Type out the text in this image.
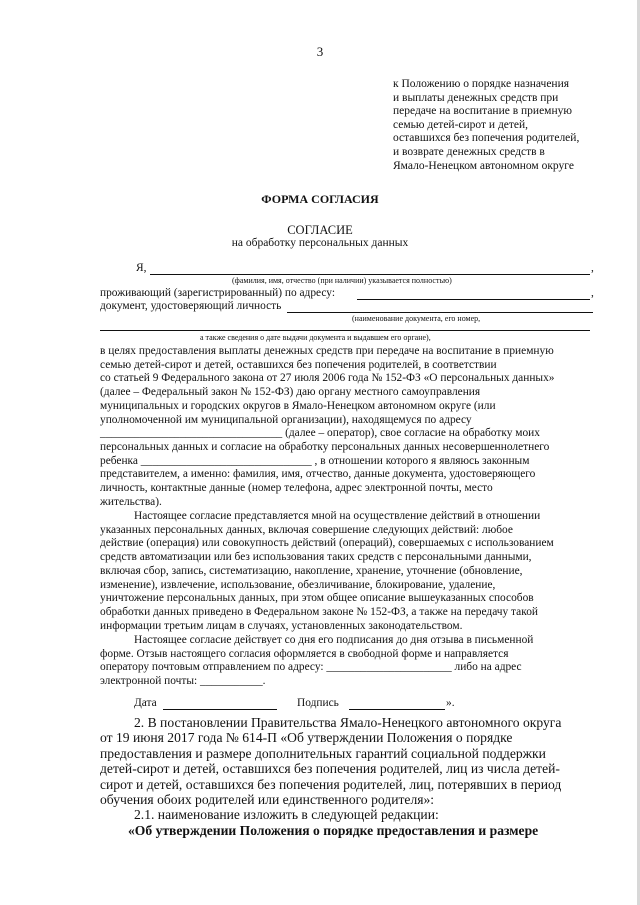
3
к Положению о порядке назначения
и выплаты денежных средств при
передаче на воспитание в приемную
семью детей-сирот и детей,
оставшихся без попечения родителей,
и возврате денежных средств в
Ямало-Ненецком автономном округе
ФОРМА СОГЛАСИЯ
СОГЛАСИЕ
на обработку персональных данных
Я,	,
(фамилия, имя, отчество (при наличии) указывается полностью)
проживающий (зарегистрированный) по адресу:	,
документ, удостоверяющий личность
(наименование документа, его номер,
а также сведения о дате выдачи документа и выдавшем его органе),
в целях предоставления выплаты денежных средств при передаче на воспитание в приемную
семью детей-сирот и детей, оставшихся без попечения родителей, в соответствии
со статьей 9 Федерального закона от 27 июля 2006 года № 152-ФЗ «О персональных данных»
(далее – Федеральный закон № 152-ФЗ) даю органу местного самоуправления
муниципальных и городских округов в Ямало-Ненецком автономном округе (или
уполномоченной им муниципальной организации), находящемуся по адресу
________________________________ (далее – оператор), свое согласие на обработку моих
персональных данных и согласие на обработку персональных данных несовершеннолетнего
ребенка ______________________________ , в отношении которого я являюсь законным
представителем, а именно: фамилия, имя, отчество, данные документа, удостоверяющего
личность, контактные данные (номер телефона, адрес электронной почты, место
жительства).
Настоящее согласие представляется мной на осуществление действий в отношении
указанных персональных данных, включая совершение следующих действий: любое
действие (операция) или совокупность действий (операций), совершаемых с использованием
средств автоматизации или без использования таких средств с персональными данными,
включая сбор, запись, систематизацию, накопление, хранение, уточнение (обновление,
изменение), извлечение, использование, обезличивание, блокирование, удаление,
уничтожение персональных данных, при этом общее описание вышеуказанных способов
обработки данных приведено в Федеральном законе № 152-ФЗ, а также на передачу такой
информации третьим лицам в случаях, установленных законодательством.
Настоящее согласие действует со дня его подписания до дня отзыва в письменной
форме. Отзыв настоящего согласия оформляется в свободной форме и направляется
оператору почтовым отправлением по адресу: ______________________ либо на адрес
электронной почты: ___________.
Дата	Подпись	».
2. В постановлении Правительства Ямало-Ненецкого автономного округа
от 19 июня 2017 года № 614-П «Об утверждении Положения о порядке
предоставления и размере дополнительных гарантий социальной поддержки
детей-сирот и детей, оставшихся без попечения родителей, лиц из числа детей-
сирот и детей, оставшихся без попечения родителей, лиц, потерявших в период
обучения обоих родителей или единственного родителя»:
2.1. наименование изложить в следующей редакции:
«Об утверждении Положения о порядке предоставления и размере
